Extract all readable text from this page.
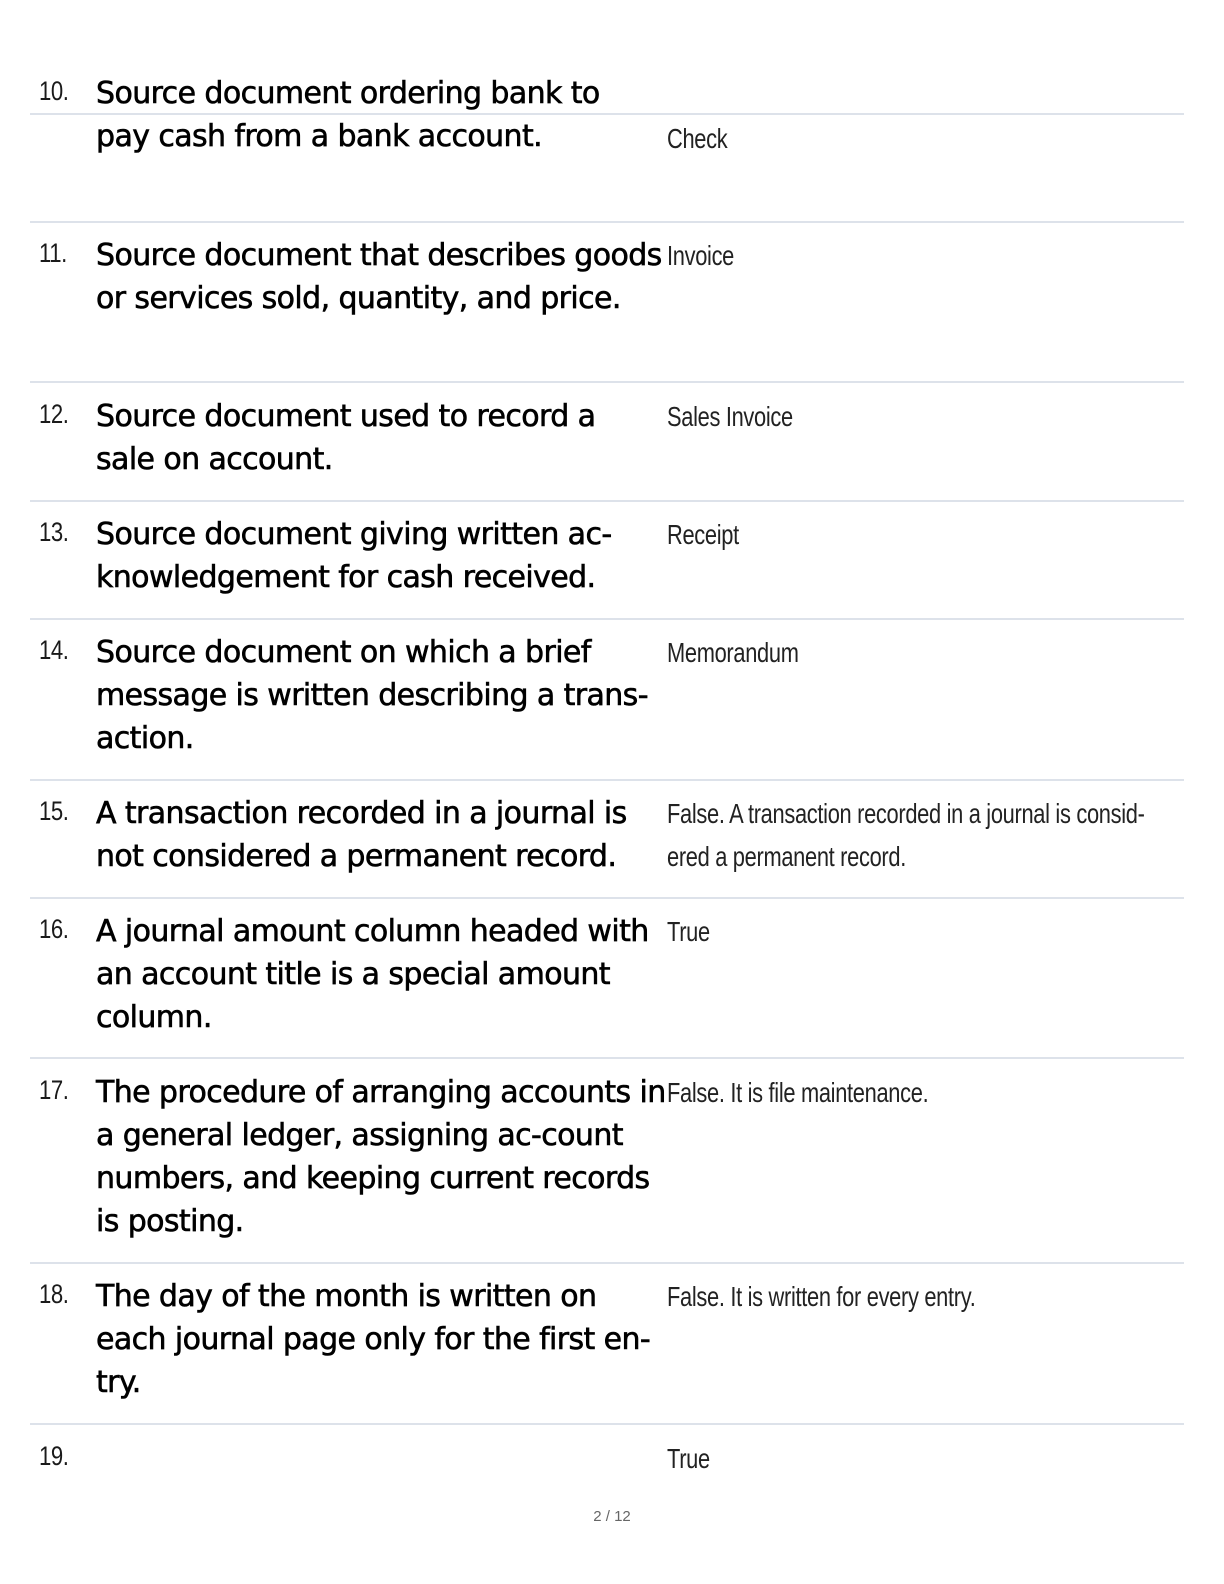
10. Source document ordering bank to pay cash from a bank account.	Check
11. Source document that describes goods or services sold, quantity, and price.
Invoice
12. Source document used to record a sale on account.
Sales Invoice
13. Source document giving written ac-knowledgement for cash received.
Receipt
14. Source document on which a brief message is written describing a trans-action.
Memorandum
15. A transaction recorded in a journal is not considered a permanent record.
False. A transaction recorded in a journal is consid-ered a permanent record.
16. A journal amount column headed with an account title is a special amount column.
True
17. The procedure of arranging accounts in a general ledger, assigning ac-count numbers, and keeping current records is posting.
False. It is file maintenance.
18. The day of the month is written on each journal page only for the first en-try.
False. It is written for every entry.
19.	True
2 / 12
